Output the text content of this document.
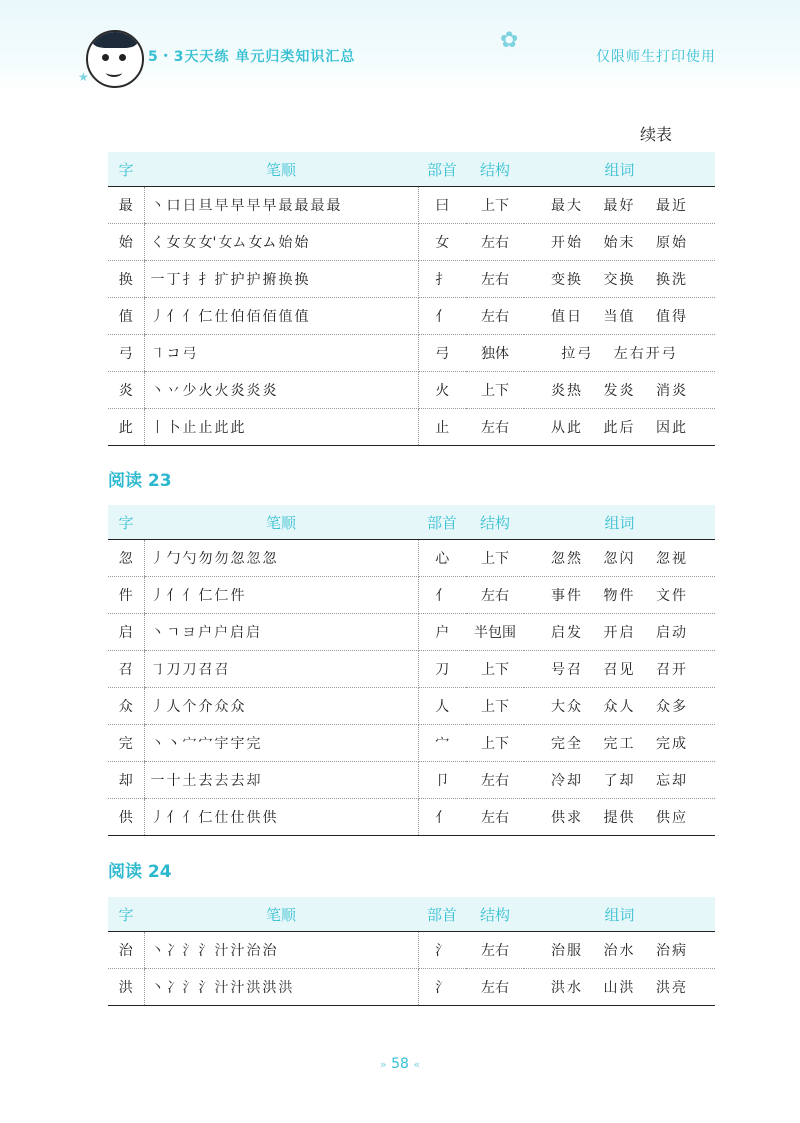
★
✿
5・3天天练 单元归类知识汇总	仅限师生打印使用
续表
字	笔顺	部首	结构	组词
最	丶 口 日 旦 早 早 早 早 最 最 最 最	曰	上下	最大 最好 最近
始	く 女 女 女' 女ム 女ム 始 始	女	左右	开始 始末 原始
换	一 丁 扌 扌 扩 护 护 捬 换 换	扌	左右	变换 交换 换洗
值	丿 亻 亻 仁 仕 伯 佰 佰 值 值	亻	左右	值日 当值 值得
弓	㇕ コ 弓	弓	独体	拉弓 左右开弓
炎	丶 丷 少 火 火 炎 炎 炎	火	上下	炎热 发炎 消炎
此	丨 卜 止 止 此 此	止	左右	从此 此后 因此
阅读 23
字	笔顺	部首	结构	组词
忽	丿 勹 勺 勿 勿 忽 忽 忽	心	上下	忽然 忽闪 忽视
件	丿 亻 亻 仁 仁 件	亻	左右	事件 物件 文件
启	丶 ㄱ ヨ 户 户 启 启	户	半包围	启发 开启 启动
召	㇆ 刀 刀 召 召	刀	上下	号召 召见 召开
众	丿 人 个 介 众 众	人	上下	大众 众人 众多
完	丶 丶 宀 宀 宇 宇 完	宀	上下	完全 完工 完成
却	一 十 土 去 去 去 却	卩	左右	冷却 了却 忘却
供	丿 亻 亻 仁 仕 仕 供 供	亻	左右	供求 提供 供应
阅读 24
字	笔顺	部首	结构	组词
治	丶 冫 氵 氵 汁 汁 治 治	氵	左右	治服 治水 治病
洪	丶 冫 氵 氵 汁 汁 洪 洪 洪	氵	左右	洪水 山洪 洪亮
» 58 «
